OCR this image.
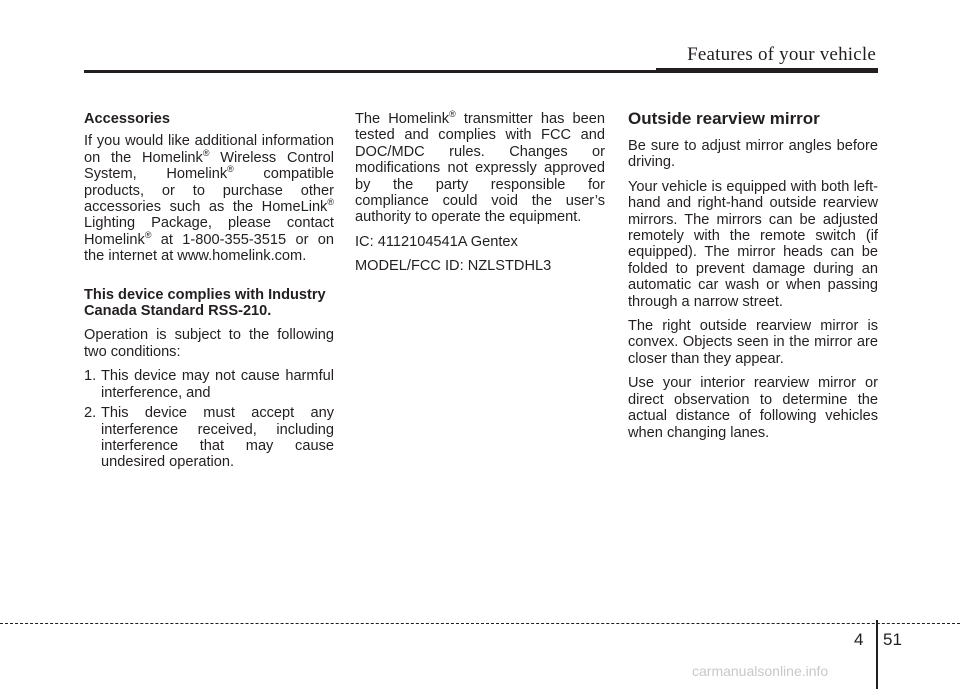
Features of your vehicle

Accessories

If you would like additional information on the Homelink® Wireless Control System, Homelink® compatible products, or to purchase other accessories such as the HomeLink® Lighting Package, please contact Homelink® at 1-800-355-3515 or on the internet at www.homelink.com.

This device complies with Industry Canada Standard RSS-210.

Operation is subject to the following two conditions:

1. This device may not cause harmful interference, and
2. This device must accept any interference received, including interference that may cause undesired operation.

The Homelink® transmitter has been tested and complies with FCC and DOC/MDC rules. Changes or modifications not expressly approved by the party responsible for compliance could void the user’s authority to operate the equipment.

IC: 4112104541A Gentex

MODEL/FCC ID: NZLSTDHL3

Outside rearview mirror

Be sure to adjust mirror angles before driving.

Your vehicle is equipped with both left-hand and right-hand outside rearview mirrors. The mirrors can be adjusted remotely with the remote switch (if equipped). The mirror heads can be folded to prevent damage during an automatic car wash or when passing through a narrow street.

The right outside rearview mirror is convex. Objects seen in the mirror are closer than they appear.

Use your interior rearview mirror or direct observation to determine the actual distance of following vehicles when changing lanes.

4 51
carmanualsonline.info
